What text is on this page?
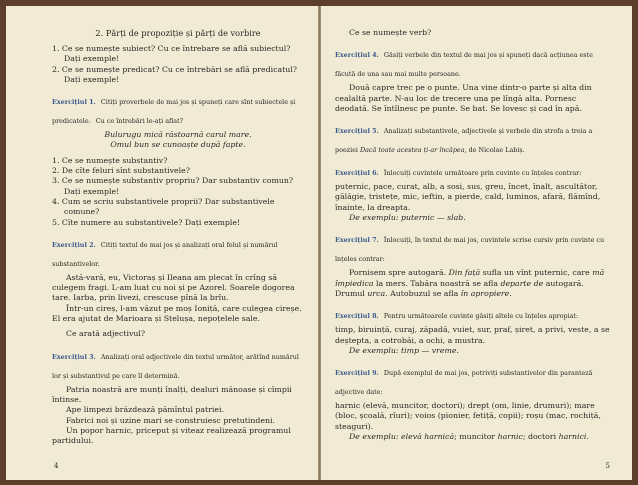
2. Părți de propoziție și părți de vorbire

1. Ce se numește subiect? Cu ce întrebare se află subiectul? Dați exemple!

2. Ce se numește predicat? Cu ce întrebări se află predicatul? Dați exemple!

Exercițiul 1. Citiți proverbele de mai jos și spuneți care sînt subiectele și predicatele. Cu ce întrebări le-ați aflat?

Bulurugu mică răstoarnă carul mare.

Omul bun se cunoaște după fapte.

1. Ce se numește substantiv?

2. De cîte feluri sînt substantivele?

3. Ce se numește substantiv propriu? Dar substantiv comun? Dați exemple!

4. Cum se scriu substantivele proprii? Dar substantivele comune?

5. Cîte numere au substantivele? Dați exemple!

Exercițiul 2. Citiți textul de mai jos și analizați oral felul și numărul substantivelor.

Astă-vară, eu, Victoraș și Ileana am plecat în crîng să culegem fragi. L-am luat cu noi și pe Azorel. Soarele dogorea tare. Iarba, prin livezi, crescuse pînă la brîu.

Într-un cireș, l-am văzut pe moș Ioniță, care culegea cireșe. El era ajutat de Marioara și Stelușa, nepoțelele sale.

Ce arată adjectivul?

Exercițiul 3. Analizați oral adjectivele din textul următor, arătînd numărul lor și substantivul pe care îl determină.

Patria noastră are munți înalți, dealuri mănoase și cîmpii întinse.

Ape limpezi brăzdează pămîntul patriei.

Fabrici noi și uzine mari se construiesc pretutindeni.

Un popor harnic, priceput și viteaz realizează programul partidului.

4

Ce se numește verb?

Exercițiul 4. Găsiți verbele din textul de mai jos și spuneți dacă acțiunea este făcută de una sau mai multe persoane.

Două capre trec pe o punte. Una vine dintr-o parte și alta din cealaltă parte. N-au loc de trecere una pe lîngă alta. Pornesc deodată. Se întîlnesc pe punte. Se bat. Se lovesc și cad în apă.

Exercițiul 5. Analizați substantivele, adjectivele și verbele din strofa a treia a poeziei Dacă toate acestea ți-ar încăpea, de Nicolae Labiș.
Exercițiul 6. Înlocuiți cuvintele următoare prin cuvinte cu înțeles contrar:

puternic, pace, curat, alb, a sosi, sus, greu, încet, înalt, ascultător, gălăgie, tristețe, mic, ieftin, a pierde, cald, luminos, afară, flămînd, înainte, la dreapta.

De exemplu: puternic — slab.

Exercițiul 7. Înlocuiți, în textul de mai jos, cuvintele scrise cursiv prin cuvinte cu înțeles contrar:

Pornisem spre autogară. Din față sufla un vînt puternic, care mă împiedica la mers. Tabăra noastră se afla departe de autogară. Drumul urca. Autobuzul se afla în apropiere.

Exercițiul 8. Pentru următoarele cuvinte găsiți altele cu înțeles apropiat:

timp, biruință, curaj, zăpadă, vuiet, sur, praf, șiret, a privi, veste, a se deștepta, a cotrobăi, a ochi, a mustra.

De exemplu: timp — vreme.

Exercițiul 9. După exemplul de mai jos, potriviți substantivelor din paranteză adjective date:

harnic (elevă, muncitor, doctori); drept (om, linie, drumuri); mare (bloc, școală, rîuri); voios (pionier, fetiță, copii); roșu (mac, rochiță, steaguri).

De exemplu: elevă harnică; muncitor harnic; doctori harnici.

5
